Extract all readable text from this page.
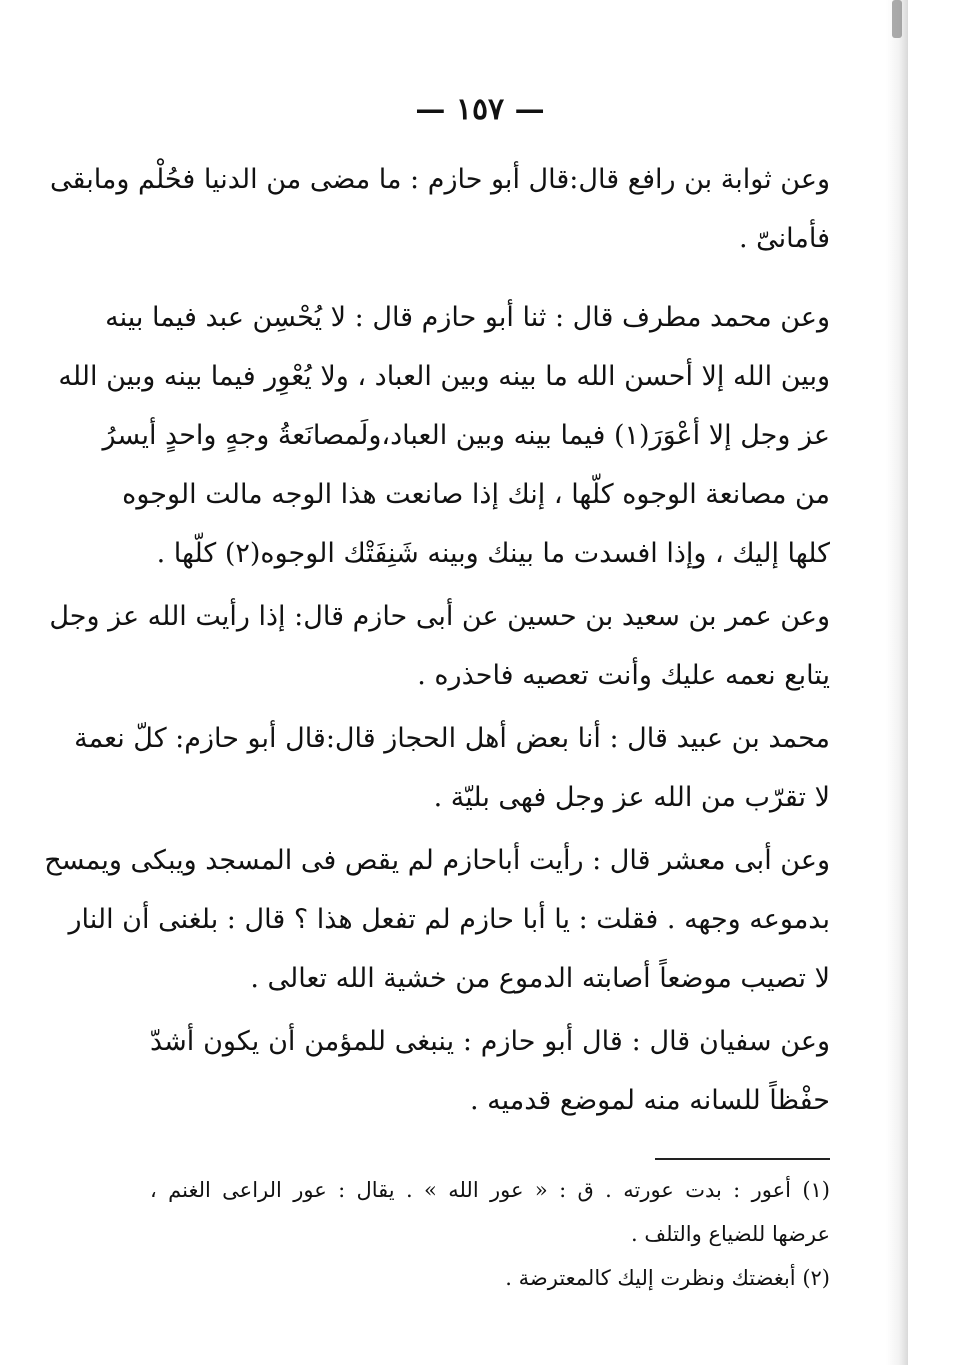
— ١٥٧ —
وعن ثوابة بن رافع قال:قال أبو حازم : ما مضى من الدنيا فحُلْم ومابقى
فأمانىّ .
وعن محمد مطرف قال : ثنا أبو حازم قال : لا يُحْسِن عبد فيما بينه
وبين الله إلا أحسن الله ما بينه وبين العباد ، ولا يُعْوِر فيما بينه وبين الله
عز وجل إلا أعْوَرَ(١) فيما بينه وبين العباد،ولَمصانَعةُ وجهٍ واحدٍ أيسرُ
من مصانعة الوجوه كلّها ، إنك إذا صانعت هذا الوجه مالت الوجوه
كلها إليك ، وإذا افسدت ما بينك وبينه شَنِفَتْك الوجوه(٢) كلّها .
وعن عمر بن سعيد بن حسين عن أبى حازم قال: إذا رأيت الله عز وجل
يتابع نعمه عليك وأنت تعصيه فاحذره .
محمد بن عبيد قال : أنا بعض أهل الحجاز قال:قال أبو حازم: كلّ نعمة
لا تقرّب من الله عز وجل فهى بليّة .
وعن أبى معشر قال : رأيت أباحازم لم يقص فى المسجد ويبكى ويمسح
بدموعه وجهه . فقلت : يا أبا حازم لم تفعل هذا ؟ قال : بلغنى أن النار
لا تصيب موضعاً أصابته الدموع من خشية الله تعالى .
وعن سفيان قال : قال أبو حازم : ينبغى للمؤمن أن يكون أشدّ
حفْظاً للسانه منه لموضع قدميه .
(١) أعور : بدت عورته . ق : « عور الله » . يقال : عور الراعى الغنم ،
عرضها للضياع والتلف .
(٢) أبغضتك ونظرت إليك كالمعترضة .
